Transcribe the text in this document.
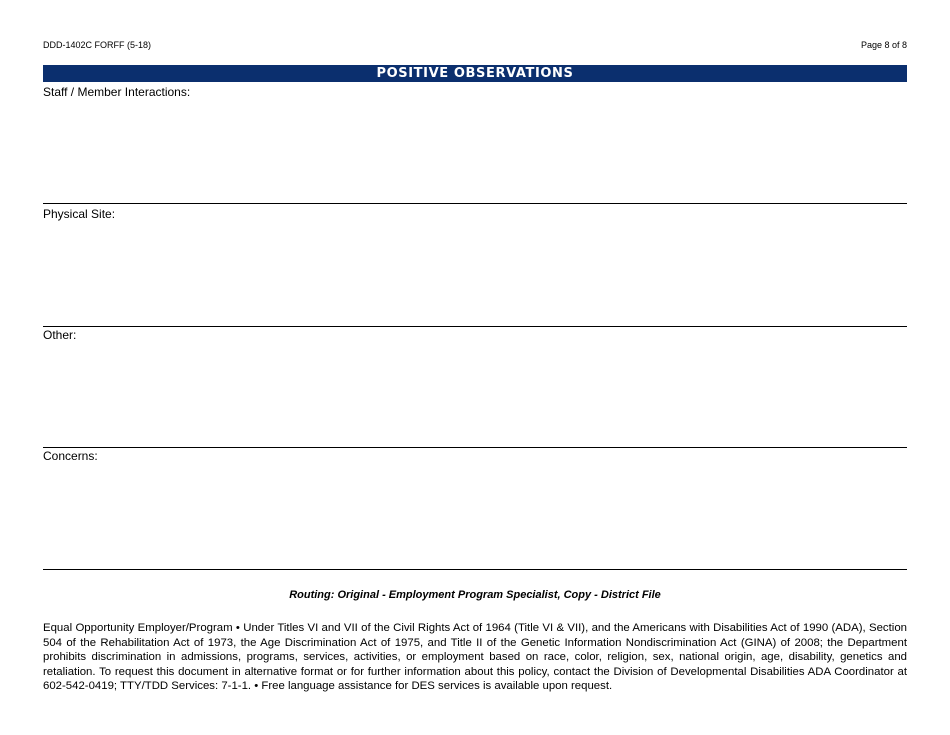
DDD-1402C FORFF (5-18)	Page 8 of 8
POSITIVE OBSERVATIONS
Staff / Member Interactions:
Physical Site:
Other:
Concerns:
Routing: Original - Employment Program Specialist, Copy - District File
Equal Opportunity Employer/Program • Under Titles VI and VII of the Civil Rights Act of 1964 (Title VI & VII), and the Americans with Disabilities Act of 1990 (ADA), Section 504 of the Rehabilitation Act of 1973, the Age Discrimination Act of 1975, and Title II of the Genetic Information Nondiscrimination Act (GINA) of 2008; the Department prohibits discrimination in admissions, programs, services, activities, or employment based on race, color, religion, sex, national origin, age, disability, genetics and retaliation. To request this document in alternative format or for further information about this policy, contact the Division of Developmental Disabilities ADA Coordinator at 602-542-0419; TTY/TDD Services: 7-1-1. • Free language assistance for DES services is available upon request.
